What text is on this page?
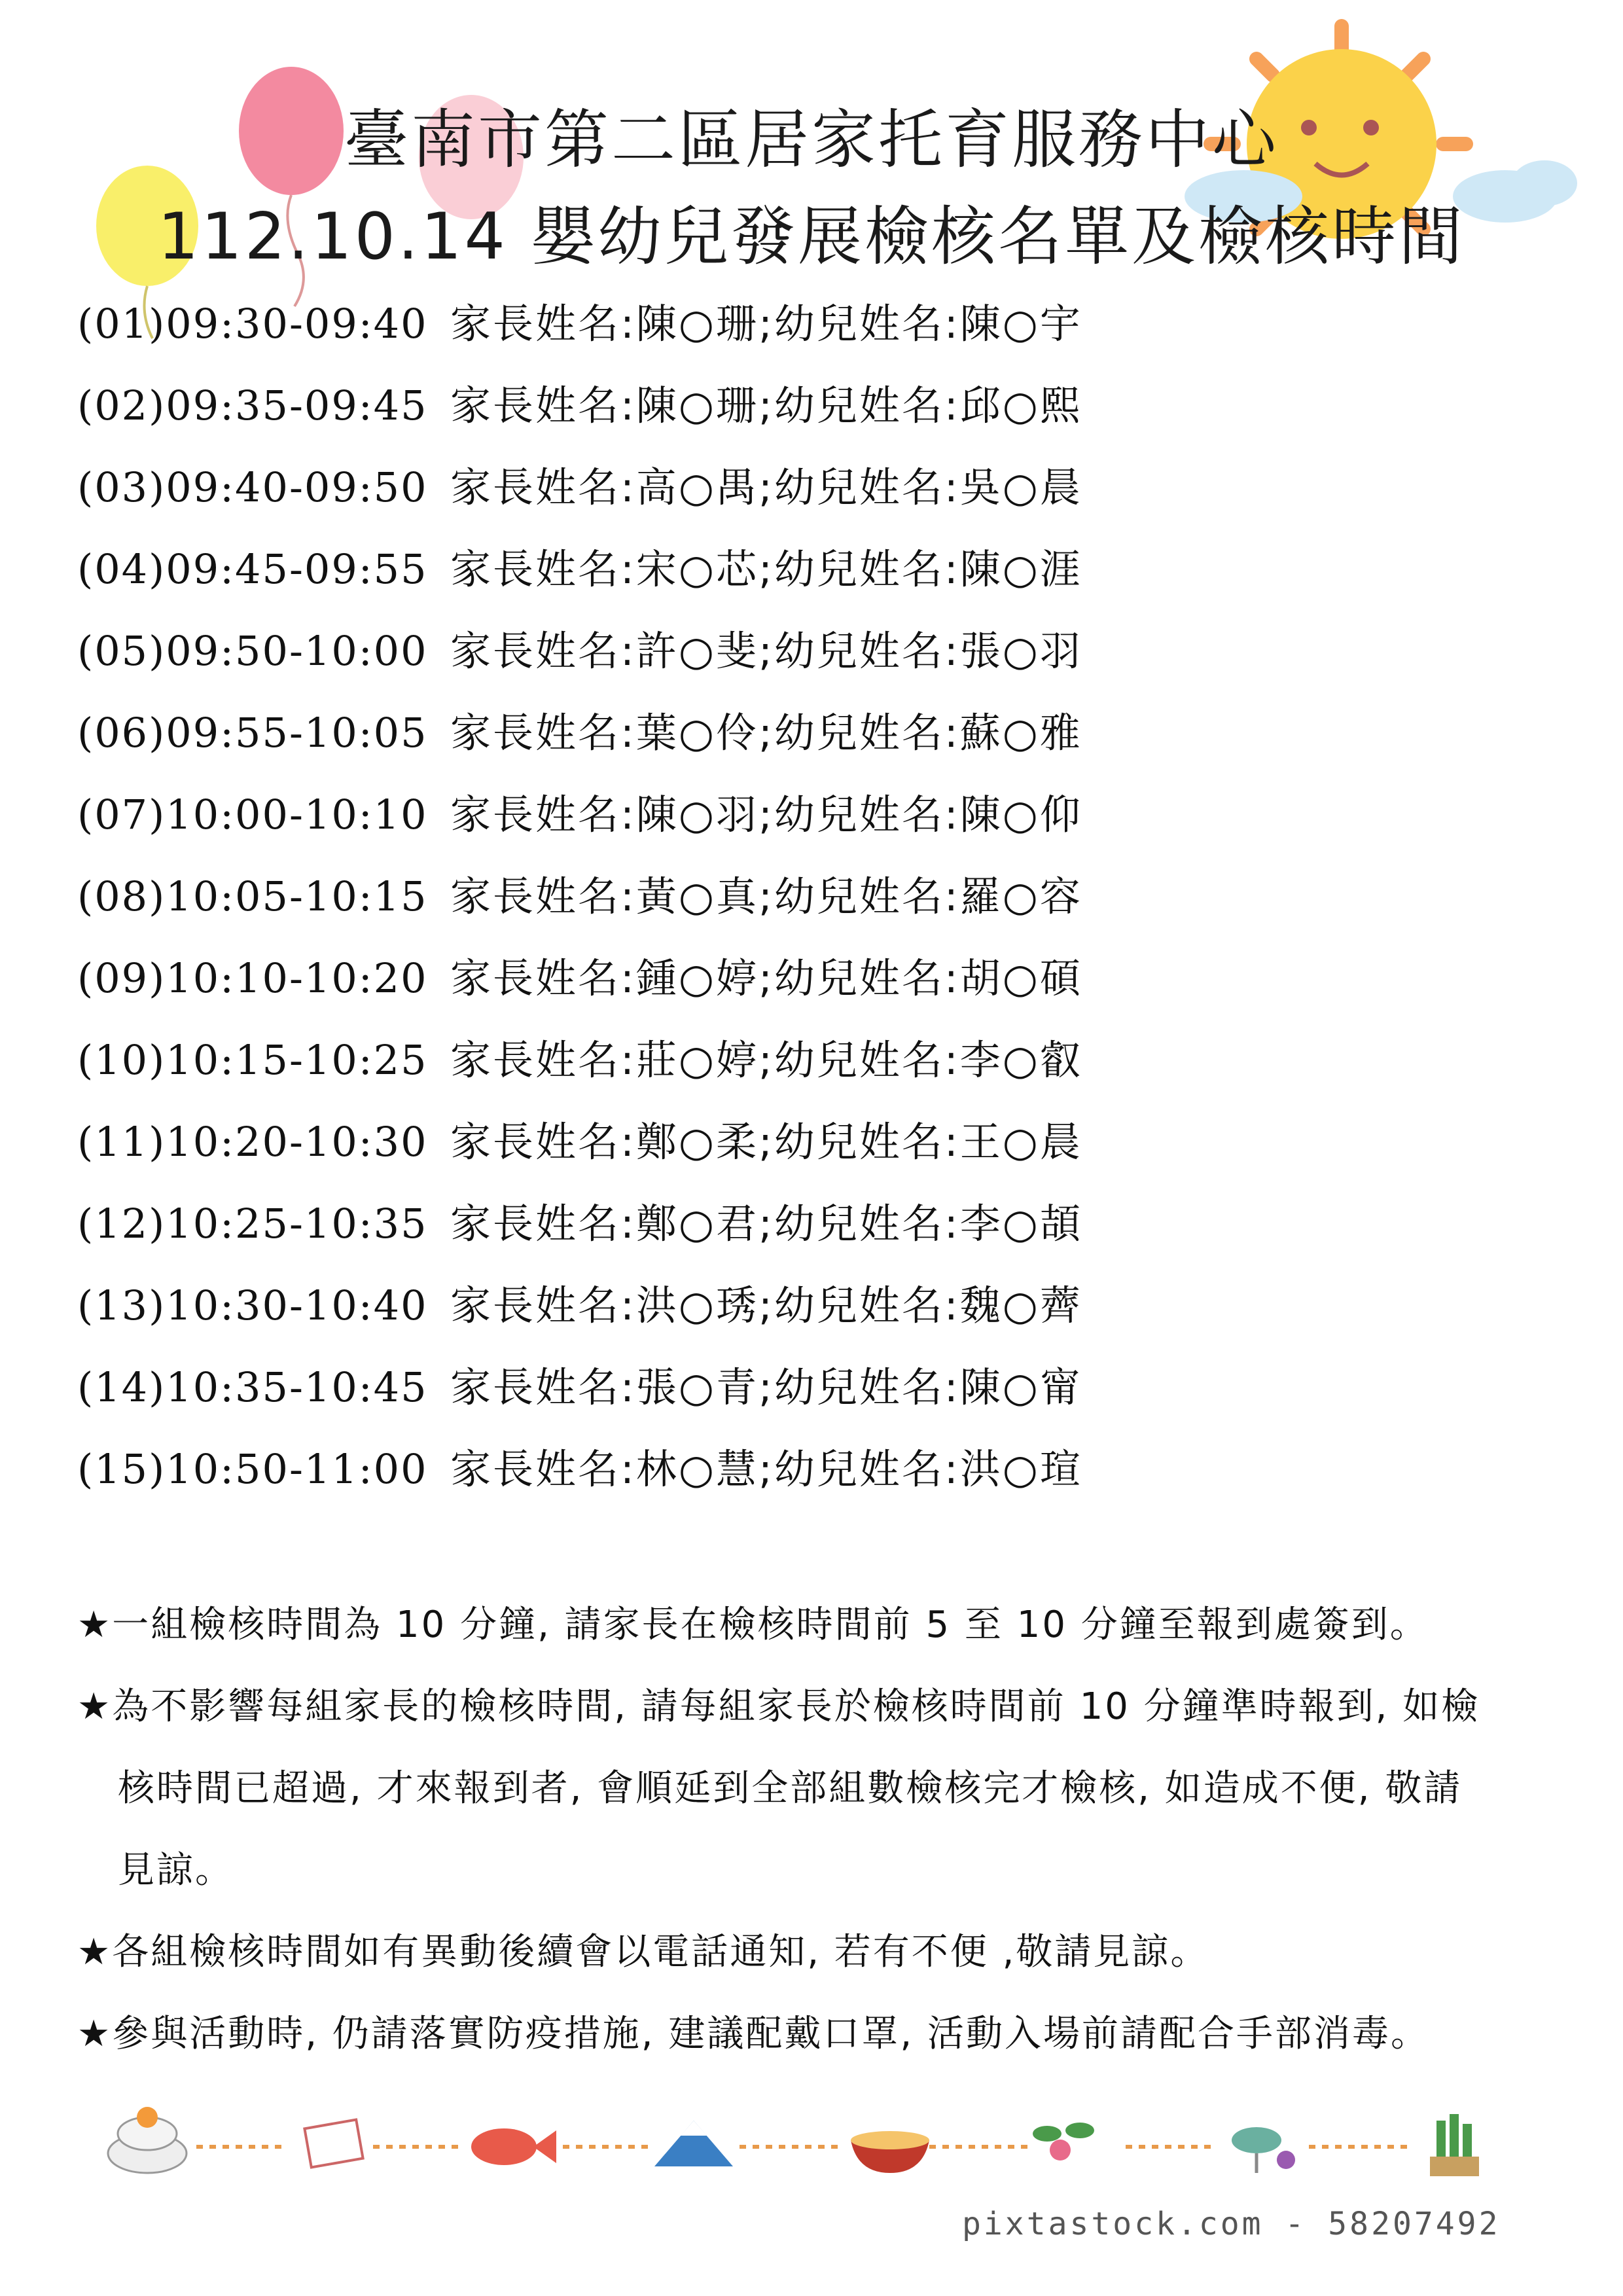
臺南市第二區居家托育服務中心
112.10.14 嬰幼兒發展檢核名單及檢核時間
(01)09:30-09:40 家長姓名:陳○珊;幼兒姓名:陳○宇
(02)09:35-09:45 家長姓名:陳○珊;幼兒姓名:邱○熙
(03)09:40-09:50 家長姓名:高○禺;幼兒姓名:吳○晨
(04)09:45-09:55 家長姓名:宋○芯;幼兒姓名:陳○涯
(05)09:50-10:00 家長姓名:許○斐;幼兒姓名:張○羽
(06)09:55-10:05 家長姓名:葉○伶;幼兒姓名:蘇○雅
(07)10:00-10:10 家長姓名:陳○羽;幼兒姓名:陳○仰
(08)10:05-10:15 家長姓名:黃○真;幼兒姓名:羅○容
(09)10:10-10:20 家長姓名:鍾○婷;幼兒姓名:胡○碩
(10)10:15-10:25 家長姓名:莊○婷;幼兒姓名:李○叡
(11)10:20-10:30 家長姓名:鄭○柔;幼兒姓名:王○晨
(12)10:25-10:35 家長姓名:鄭○君;幼兒姓名:李○頡
(13)10:30-10:40 家長姓名:洪○琇;幼兒姓名:魏○薺
(14)10:35-10:45 家長姓名:張○青;幼兒姓名:陳○甯
(15)10:50-11:00 家長姓名:林○慧;幼兒姓名:洪○瑄
★一組檢核時間為 10 分鐘, 請家長在檢核時間前 5 至 10 分鐘至報到處簽到。
★為不影響每組家長的檢核時間, 請每組家長於檢核時間前 10 分鐘準時報到, 如檢
核時間已超過, 才來報到者, 會順延到全部組數檢核完才檢核, 如造成不便, 敬請
見諒。
★各組檢核時間如有異動後續會以電話通知, 若有不便 ,敬請見諒。
★參與活動時, 仍請落實防疫措施, 建議配戴口罩, 活動入場前請配合手部消毒。
pixtastock.com - 58207492
